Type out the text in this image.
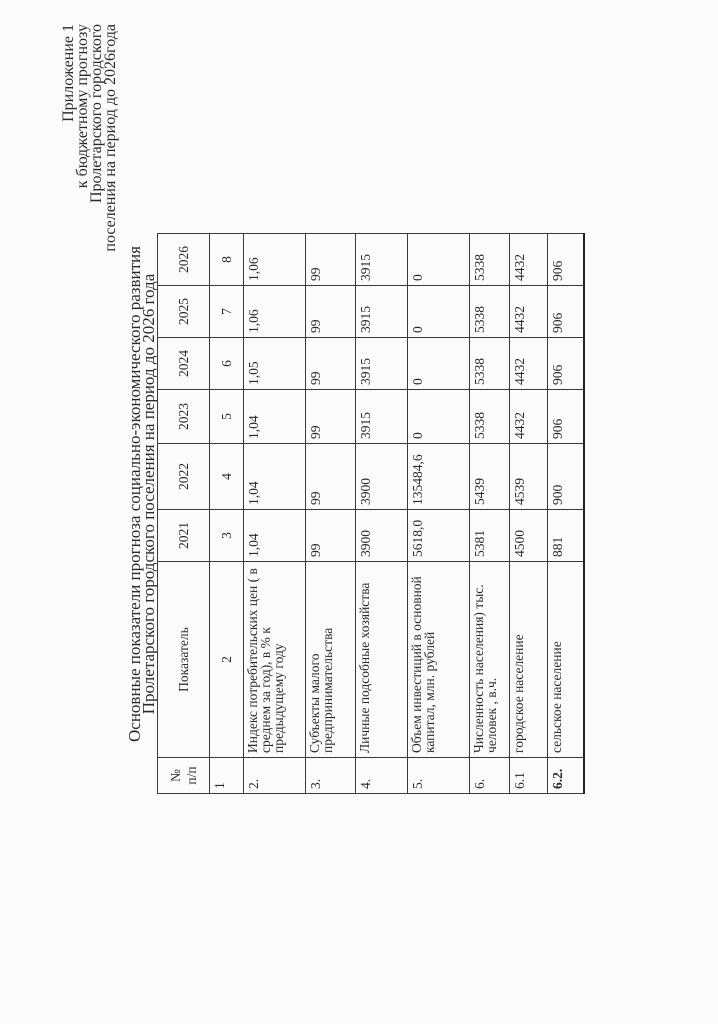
Приложение 1
к бюджетному прогнозу
Пролетарского городского
поселения на период до 2026года
Основные показатели прогноза социально-экономического развития
Пролетарского городского поселения на период до 2026 года
№ п/п	Показатель	2021	2022	2023	2024	2025	2026
1	2	3	4	5	6	7	8
2.	Индекс потребительских цен ( в среднем за год), в % к предыдущему году	1,04	1,04	1,04	1,05	1,06	1,06
3.	Субъекты малого предпринимательства	99	99	99	99	99	99
4.	Личные подсобные хозяйства	3900	3900	3915	3915	3915	3915
5.	Объем инвестиций в основной капитал, млн. рублей	5618,0	135484,6	0	0	0	0
6.	Численность населения) тыс. человек , в.ч.	5381	5439	5338	5338	5338	5338
6.1	городское население	4500	4539	4432	4432	4432	4432
6.2.	сельское население	881	900	906	906	906	906
